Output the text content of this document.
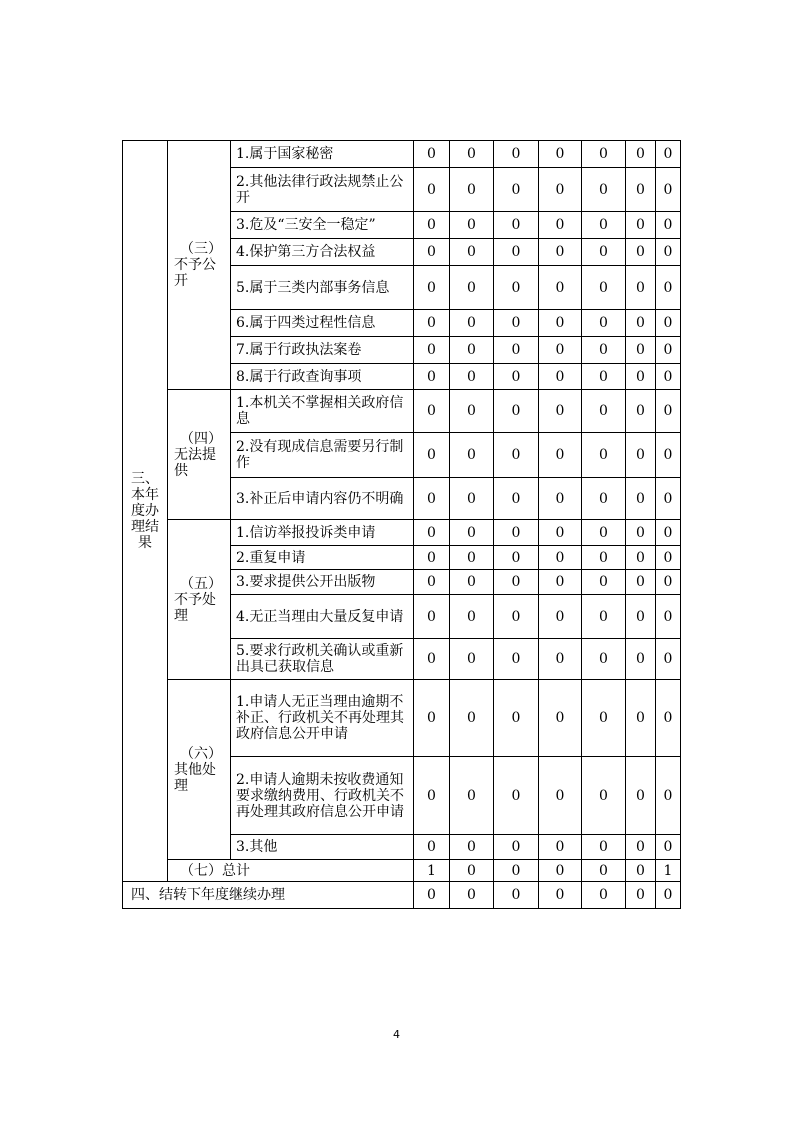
三、
本年
度办
理结
果	（三）
不予公
开	1.属于国家秘密	0	0	0	0	0	0	0
		2.其他法律行政法规禁止公开	0	0	0	0	0	0	0
		3.危及“三安全一稳定”	0	0	0	0	0	0	0
		4.保护第三方合法权益	0	0	0	0	0	0	0
		5.属于三类内部事务信息	0	0	0	0	0	0	0
		6.属于四类过程性信息	0	0	0	0	0	0	0
		7.属于行政执法案卷	0	0	0	0	0	0	0
		8.属于行政查询事项	0	0	0	0	0	0	0

	（四）
无法提
供	1.本机关不掌握相关政府信息	0	0	0	0	0	0	0
		2.没有现成信息需要另行制作	0	0	0	0	0	0	0
		3.补正后申请内容仍不明确	0	0	0	0	0	0	0

	（五）
不予处
理	1.信访举报投诉类申请	0	0	0	0	0	0	0
		2.重复申请	0	0	0	0	0	0	0
		3.要求提供公开出版物	0	0	0	0	0	0	0
		4.无正当理由大量反复申请	0	0	0	0	0	0	0
		5.要求行政机关确认或重新出具已获取信息	0	0	0	0	0	0	0

	（六）
其他处
理	1.申请人无正当理由逾期不补正、行政机关不再处理其政府信息公开申请	0	0	0	0	0	0	0
		2.申请人逾期未按收费通知要求缴纳费用、行政机关不再处理其政府信息公开申请	0	0	0	0	0	0	0
		3.其他	0	0	0	0	0	0	0

	（七）总计		1	0	0	0	0	0	1
四、结转下年度继续办理			0	0	0	0	0	0	0
4
